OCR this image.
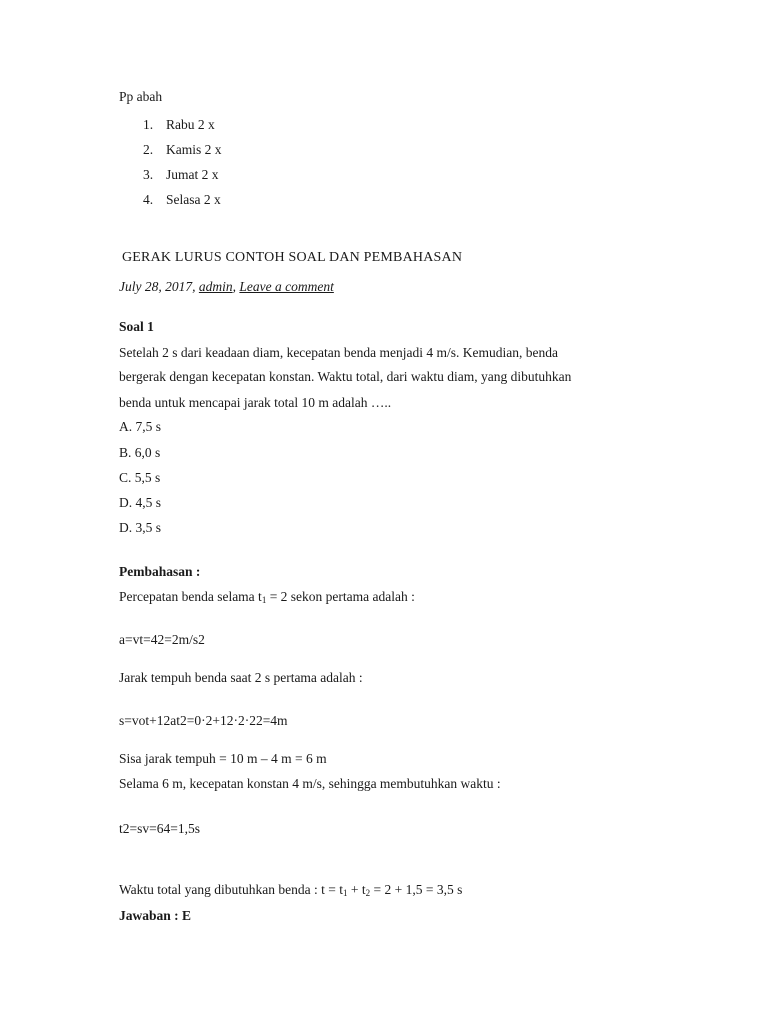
Pp abah
1. Rabu 2 x
2. Kamis 2 x
3. Jumat 2 x
4. Selasa 2 x
GERAK LURUS CONTOH SOAL DAN PEMBAHASAN
July 28, 2017, admin, Leave a comment
Soal 1
Setelah 2 s dari keadaan diam, kecepatan benda menjadi 4 m/s. Kemudian, benda
bergerak dengan kecepatan konstan. Waktu total, dari waktu diam, yang dibutuhkan
benda untuk mencapai jarak total 10 m adalah …..
A. 7,5 s
B. 6,0 s
C. 5,5 s
D. 4,5 s
D. 3,5 s
Pembahasan :
Percepatan benda selama $t_1 = 2$ sekon pertama adalah :
a=vt=42=2m/s2
Jarak tempuh benda saat 2 s pertama adalah :
s=vot+12at2=0·2+12·2·22=4m
Sisa jarak tempuh = 10 m – 4 m = 6 m
Selama 6 m, kecepatan konstan 4 m/s, sehingga membutuhkan waktu :
t2=sv=64=1,5s
Waktu total yang dibutuhkan benda : $t = t_1 + t_2 = 2 + 1,5 = 3,5$ s
Jawaban : E
